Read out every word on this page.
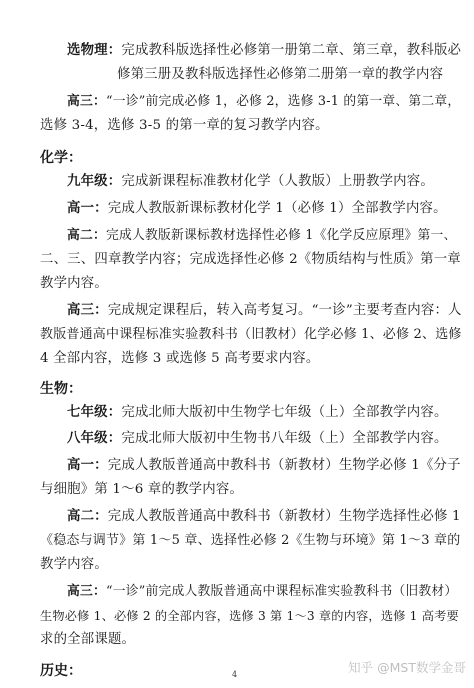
选物理：完成教科版选择性必修第一册第二章、第三章，教科版必
修第三册及教科版选择性必修第二册第一章的教学内容
高三：“一诊”前完成必修 1，必修 2，选修 3-1 的第一章、第二章，
选修 3-4，选修 3-5 的第一章的复习教学内容。
化学：
九年级：完成新课程标准教材化学（人教版）上册教学内容。
高一：完成人教版新课标教材化学 1（必修 1）全部教学内容。
高二：完成人教版新课标教材选择性必修 1《化学反应原理》第一、
二、三、四章教学内容；完成选择性必修 2《物质结构与性质》第一章
教学内容。
高三：完成规定课程后，转入高考复习。“一诊”主要考查内容：人
教版普通高中课程标准实验教科书（旧教材）化学必修 1、必修 2、选修
4 全部内容，选修 3 或选修 5 高考要求内容。
生物：
七年级：完成北师大版初中生物学七年级（上）全部教学内容。
八年级：完成北师大版初中生物书八年级（上）全部教学内容。
高一：完成人教版普通高中教科书（新教材）生物学必修 1《分子
与细胞》第 1～6 章的教学内容。
高二：完成人教版普通高中教科书（新教材）生物学选择性必修 1
《稳态与调节》第 1～5 章、选择性必修 2《生物与环境》第 1～3 章的
教学内容。
高三：“一诊”前完成人教版普通高中课程标准实验教科书（旧教材）
生物必修 1、必修 2 的全部内容，选修 3 第 1～3 章的内容，选修 1 高考要
求的全部课题。
历史：	4	知乎 @MST数学金哥
